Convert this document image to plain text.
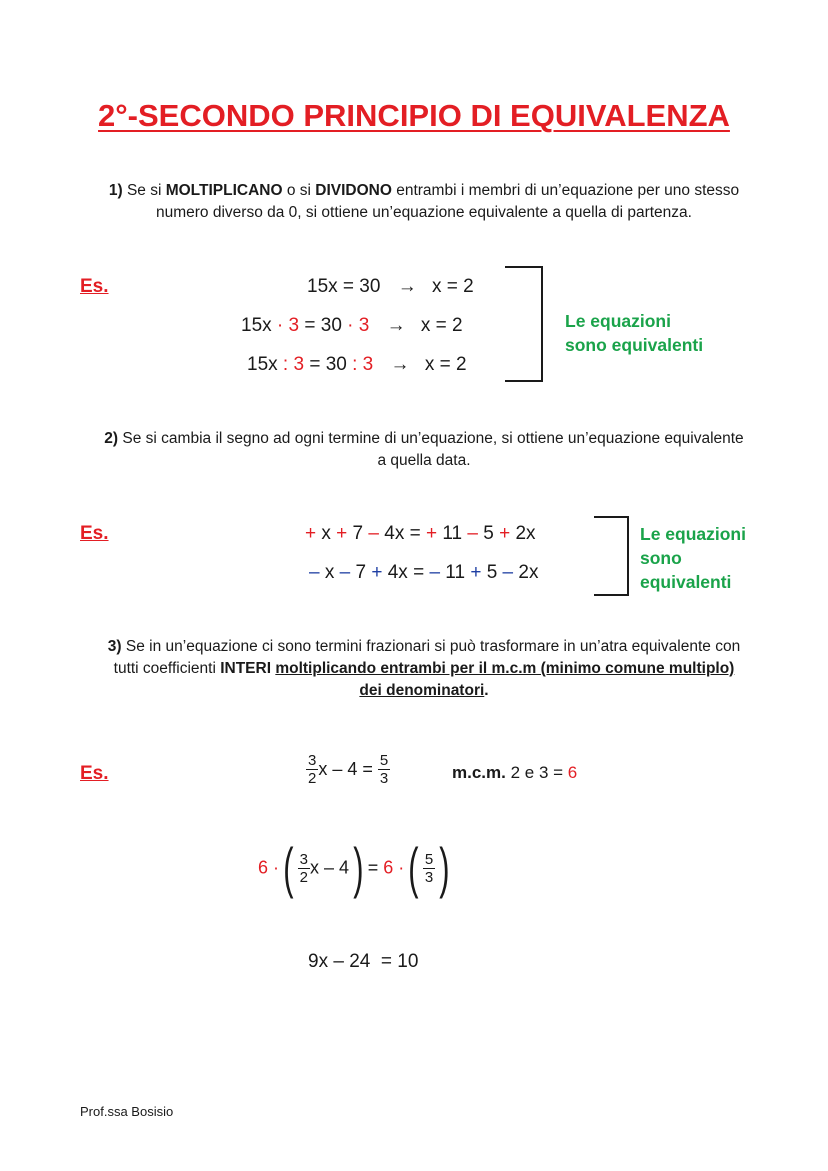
2°-SECONDO PRINCIPIO DI EQUIVALENZA
1) Se si MOLTIPLICANO o si DIVIDONO entrambi i membri di un’equazione per uno stesso
numero diverso da 0, si ottiene un’equazione equivalente a quella di partenza.
Es.	15x = 30 → x = 2
15x · 3 = 30 · 3 → x = 2
15x : 3 = 30 : 3 → x = 2
Le equazioni
sono equivalenti
2) Se si cambia il segno ad ogni termine di un’equazione, si ottiene un’equazione equivalente
a quella data.
Es.	+ x + 7 – 4x = + 11 – 5 + 2x
– x – 7 + 4x = – 11 + 5 – 2x
Le equazioni
sono
equivalenti
3) Se in un’equazione ci sono termini frazionari si può trasformare in un’atra equivalente con
tutti coefficienti INTERI moltiplicando entrambi per il m.c.m (minimo comune multiplo)
dei denominatori.
Es.	$\frac{3}{2}$ $x - 4 = \frac{5}{3}$	m.c.m. 2 e 3 = 6
6 ·( $\frac{3}{2}$ x – 4) = 6 ·( $\frac{5}{3}$ )
9x – 24  = 10
Prof.ssa Bosisio
